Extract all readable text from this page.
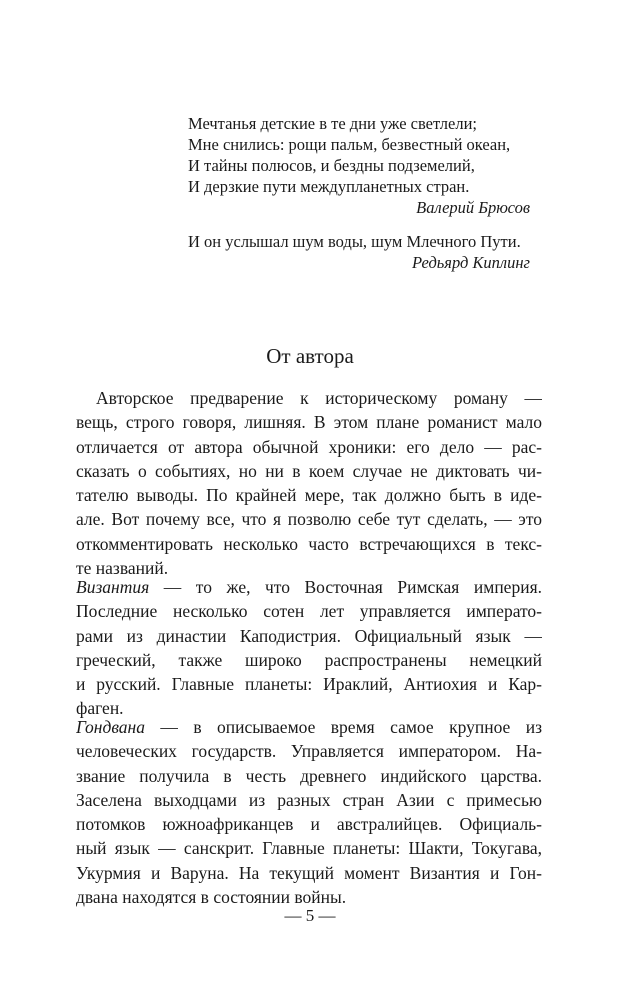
Мечтанья детские в те дни уже светлели;
Мне снились: рощи пальм, безвестный океан,
И тайны полюсов, и бездны подземелий,
И дерзкие пути междупланетных стран.
Валерий Брюсов
И он услышал шум воды, шум Млечного Пути.
Редьярд Киплинг
От автора
Авторское предварение к историческому роману —
вещь, строго говоря, лишняя. В этом плане романист мало
отличается от автора обычной хроники: его дело — рас-
сказать о событиях, но ни в коем случае не диктовать чи-
тателю выводы. По крайней мере, так должно быть в иде-
але. Вот почему все, что я позволю себе тут сделать, — это
откомментировать несколько часто встречающихся в текс-
те названий.
Византия — то же, что Восточная Римская империя.
Последние несколько сотен лет управляется императо-
рами из династии Каподистрия. Официальный язык —
греческий, также широко распространены немецкий
и русский. Главные планеты: Ираклий, Антиохия и Кар-
фаген.
Гондвана — в описываемое время самое крупное из
человеческих государств. Управляется императором. На-
звание получила в честь древнего индийского царства.
Заселена выходцами из разных стран Азии с примесью
потомков южноафриканцев и австралийцев. Официаль-
ный язык — санскрит. Главные планеты: Шакти, Токугава,
Укурмия и Варуна. На текущий момент Византия и Гон-
двана находятся в состоянии войны.
— 5 —
